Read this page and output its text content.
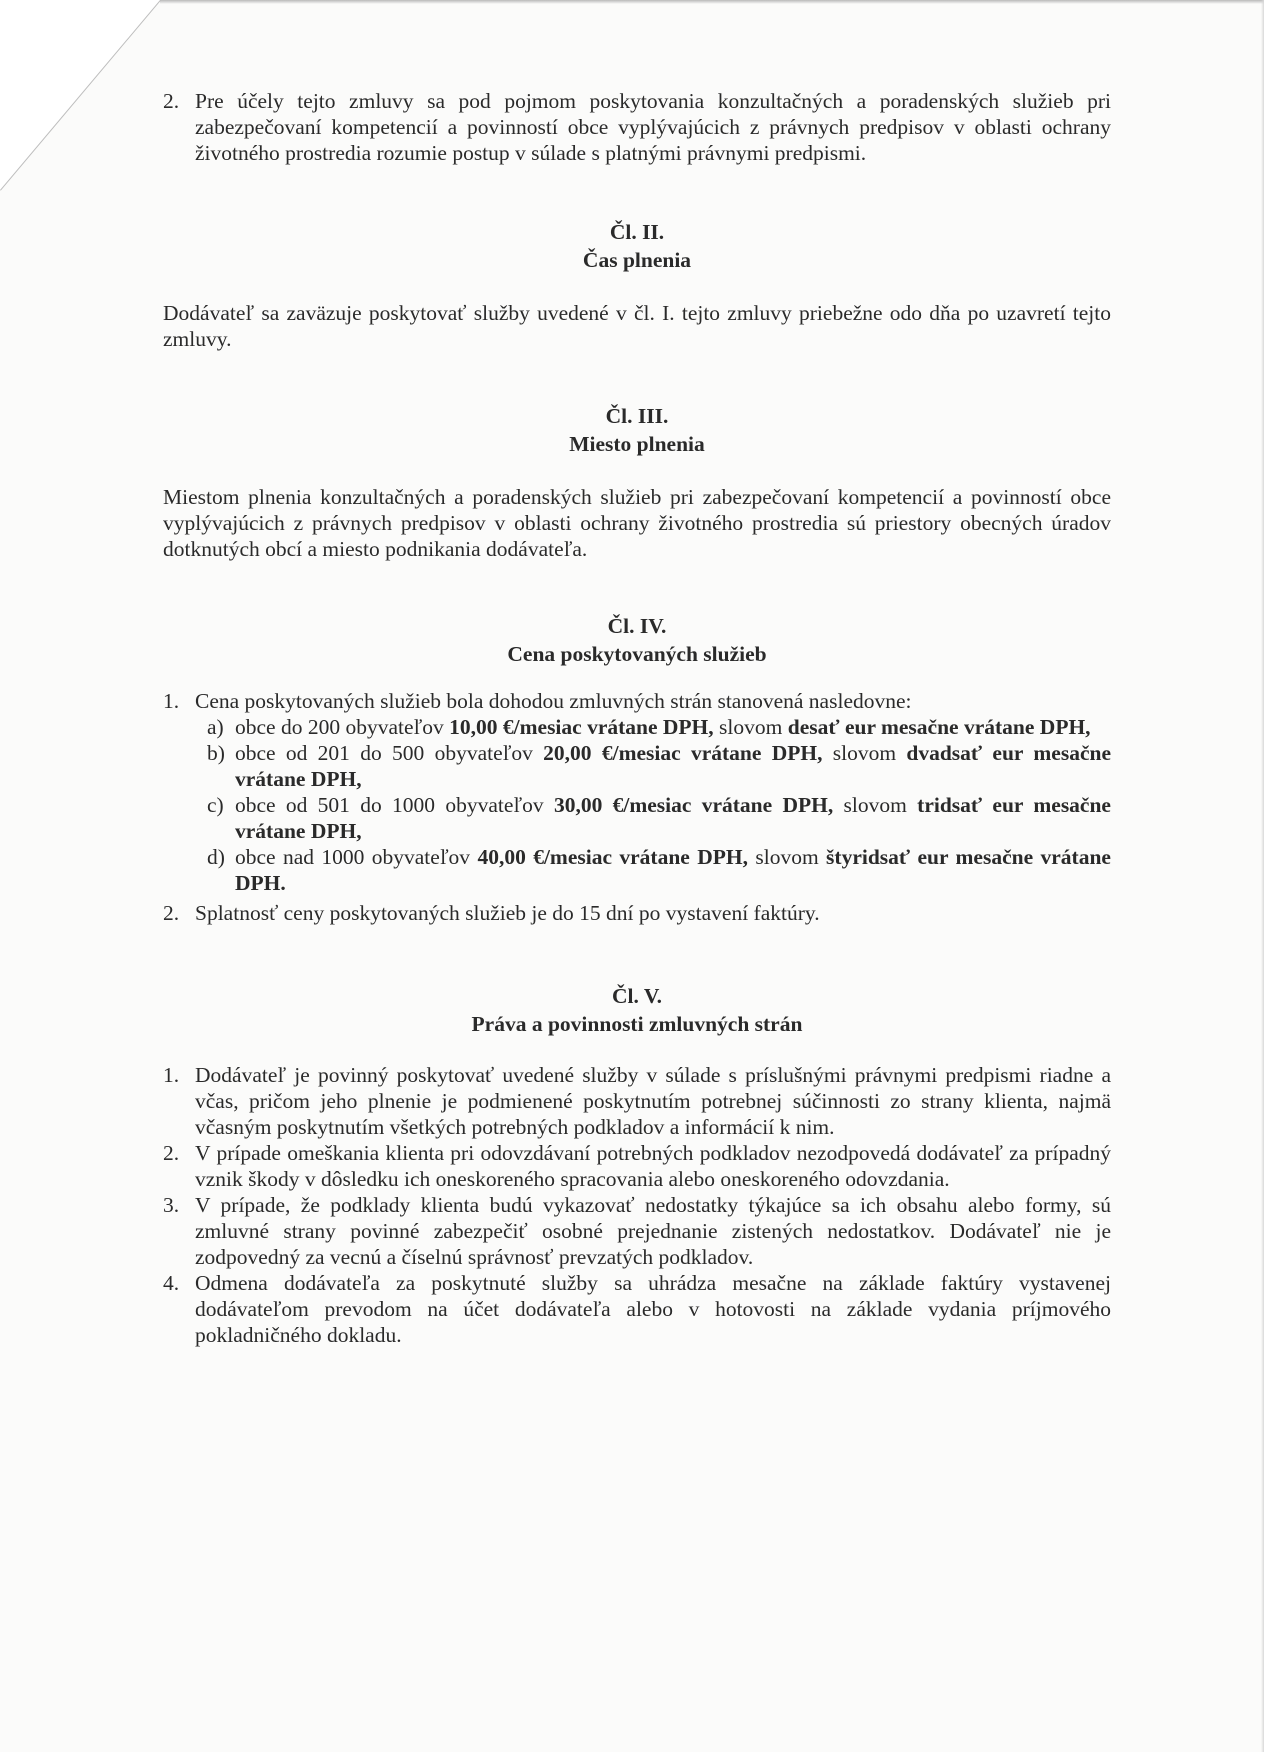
2. Pre účely tejto zmluvy sa pod pojmom poskytovania konzultačných a poradenských služieb pri zabezpečovaní kompetencií a povinností obce vyplývajúcich z právnych predpisov v oblasti ochrany životného prostredia rozumie postup v súlade s platnými právnymi predpismi.
Čl. II.
Čas plnenia
Dodávateľ sa zaväzuje poskytovať služby uvedené v čl. I. tejto zmluvy priebežne odo dňa po uzavretí tejto zmluvy.
Čl. III.
Miesto plnenia
Miestom plnenia konzultačných a poradenských služieb pri zabezpečovaní kompetencií a povinností obce vyplývajúcich z právnych predpisov v oblasti ochrany životného prostredia sú priestory obecných úradov dotknutých obcí a miesto podnikania dodávateľa.
Čl. IV.
Cena poskytovaných služieb
1. Cena poskytovaných služieb bola dohodou zmluvných strán stanovená nasledovne:
a) obce do 200 obyvateľov 10,00 €/mesiac vrátane DPH, slovom desať eur mesačne vrátane DPH,
b) obce od 201 do 500 obyvateľov 20,00 €/mesiac vrátane DPH, slovom dvadsať eur mesačne vrátane DPH,
c) obce od 501 do 1000 obyvateľov 30,00 €/mesiac vrátane DPH, slovom tridsať eur mesačne vrátane DPH,
d) obce nad 1000 obyvateľov 40,00 €/mesiac vrátane DPH, slovom štyridsať eur mesačne vrátane DPH.
2. Splatnosť ceny poskytovaných služieb je do 15 dní po vystavení faktúry.
Čl. V.
Práva a povinnosti zmluvných strán
1. Dodávateľ je povinný poskytovať uvedené služby v súlade s príslušnými právnymi predpismi riadne a včas, pričom jeho plnenie je podmienené poskytnutím potrebnej súčinnosti zo strany klienta, najmä včasným poskytnutím všetkých potrebných podkladov a informácií k nim.
2. V prípade omeškania klienta pri odovzdávaní potrebných podkladov nezodpovedá dodávateľ za prípadný vznik škody v dôsledku ich oneskoreného spracovania alebo oneskoreného odovzdania.
3. V prípade, že podklady klienta budú vykazovať nedostatky týkajúce sa ich obsahu alebo formy, sú zmluvné strany povinné zabezpečiť osobné prejednanie zistených nedostatkov. Dodávateľ nie je zodpovedný za vecnú a číselnú správnosť prevzatých podkladov.
4. Odmena dodávateľa za poskytnuté služby sa uhrádza mesačne na základe faktúry vystavenej dodávateľom prevodom na účet dodávateľa alebo v hotovosti na základe vydania príjmového pokladničného dokladu.
